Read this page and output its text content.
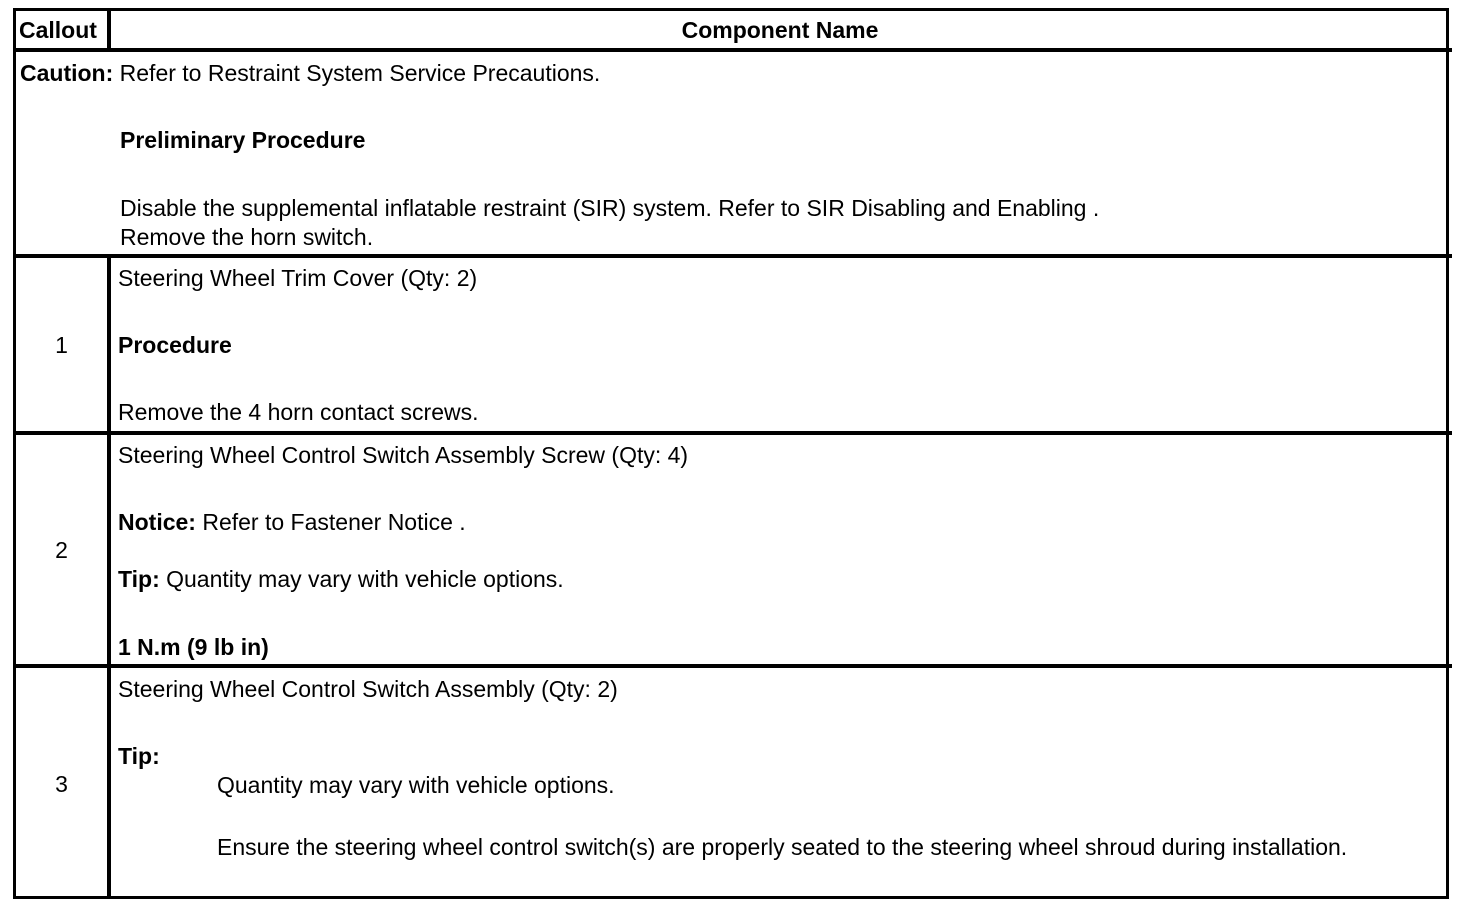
Callout	Component Name
Caution: Refer to Restraint System Service Precautions.
Preliminary Procedure
Disable the supplemental inflatable restraint (SIR) system. Refer to SIR Disabling and Enabling .
Remove the horn switch.
1
Steering Wheel Trim Cover (Qty: 2)
Procedure
Remove the 4 horn contact screws.
2
Steering Wheel Control Switch Assembly Screw (Qty: 4)
Notice: Refer to Fastener Notice .
Tip: Quantity may vary with vehicle options.
1 N.m (9 lb in)
3
Steering Wheel Control Switch Assembly (Qty: 2)
Tip:
Quantity may vary with vehicle options.
Ensure the steering wheel control switch(s) are properly seated to the steering wheel shroud during installation.
